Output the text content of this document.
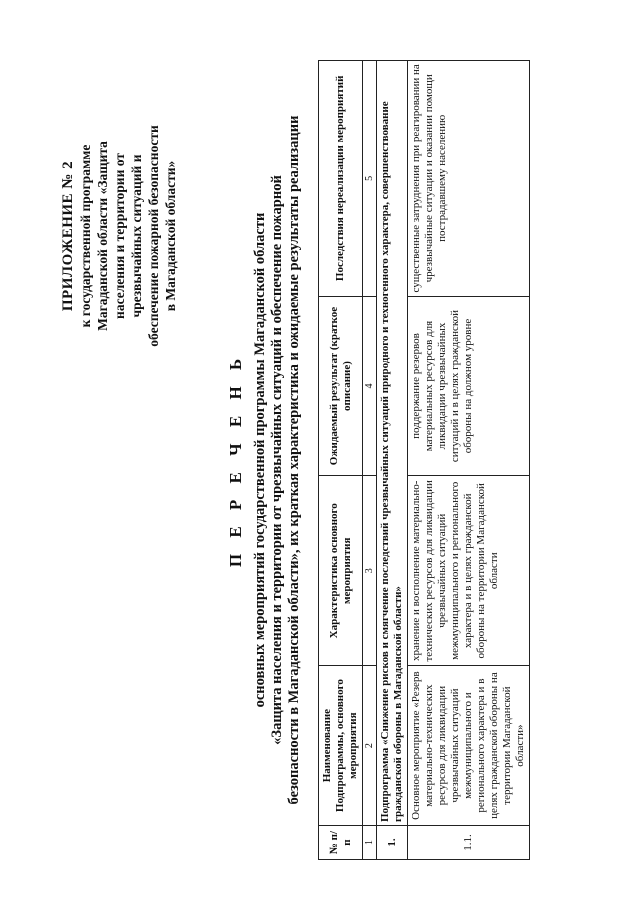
ПРИЛОЖЕНИЕ № 2 к государственной программе Магаданской области «Защита населения и территории от чрезвычайных ситуаций и обеспечение пожарной безопасности в Магаданской области»
П Е Р Е Ч Е Н Ь основных мероприятий государственной программы Магаданской области «Защита населения и территории от чрезвычайных ситуаций и обеспечение пожарной безопасности в Магаданской области», их краткая характеристика и ожидаемые результаты реализации
№ п/п	Наименование Подпрограммы, основного мероприятия	Характеристика основного мероприятия	Ожидаемый результат (краткое описание)	Последствия нереализации мероприятий
1	2	3	4	5
1.	Подпрограмма «Снижение рисков и смягчение последствий чрезвычайных ситуаций природного и техногенного характера, совершенствование гражданской обороны в Магаданской области»			
1.1.	Основное мероприятие «Резерв материально-технических ресурсов для ликвидации чрезвычайных ситуаций межмуниципального и регионального характера и в целях гражданской обороны на территории Магаданской области»	хранение и восполнение материально-технических ресурсов для ликвидации чрезвычайных ситуаций межмуниципального и регионального характера и в целях гражданской обороны на территории Магаданской области	поддержание резервов материальных ресурсов для ликвидации чрезвычайных ситуаций и в целях гражданской обороны на должном уровне	существенные затруднения при реагировании на чрезвычайные ситуации и оказании помощи пострадавшему населению
